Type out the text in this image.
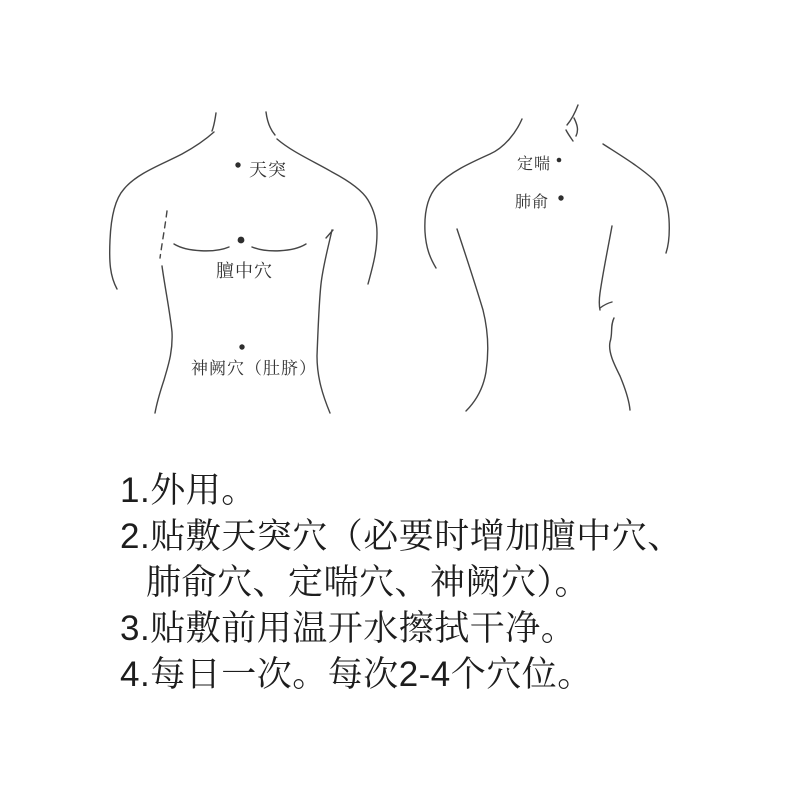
天突
膻中穴
神阙穴（肚脐）
定喘
肺俞
1.外用。
2.贴敷天突穴（必要时增加膻中穴、
肺俞穴、定喘穴、神阙穴）。
3.贴敷前用温开水擦拭干净。
4.每日一次。每次2-4个穴位。
